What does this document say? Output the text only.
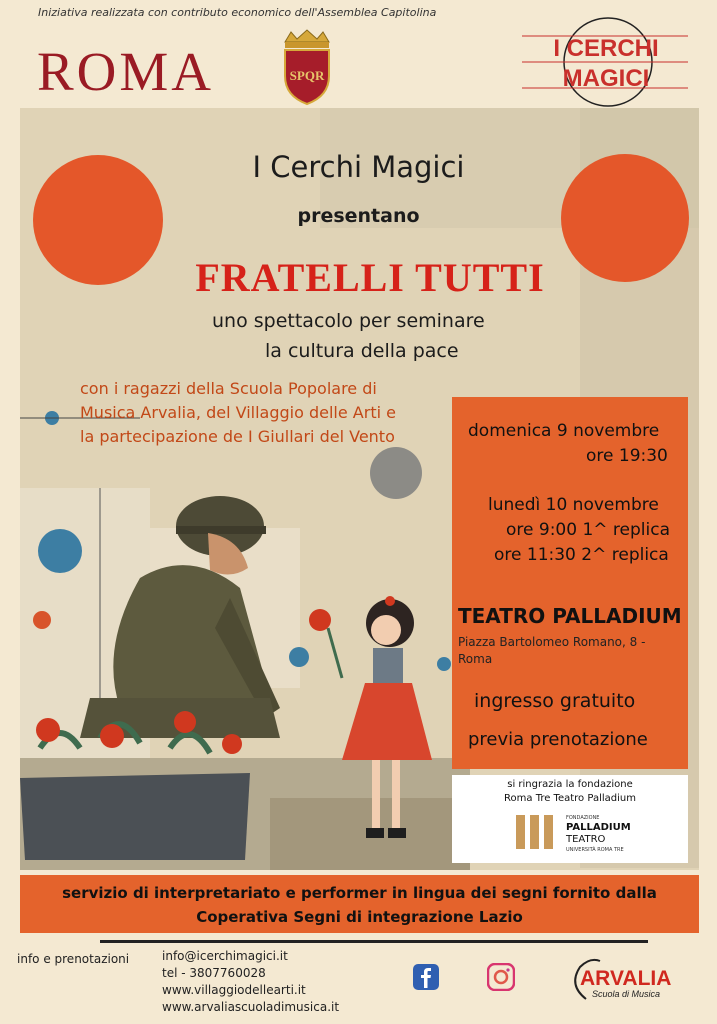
Iniziativa realizzata con contributo economico dell'Assemblea Capitolina
ROMA	SPQR
I CERCHI
MAGICI
I Cerchi Magici
presentano
FRATELLI TUTTI
uno spettacolo per seminare
la cultura della pace
con i ragazzi della Scuola Popolare di
Musica Arvalia, del Villaggio delle Arti e
la partecipazione de I Giullari del Vento	domenica 9 novembre
ore 19:30
lunedì 10 novembre
ore 9:00 1^ replica
ore 11:30 2^ replica
TEATRO PALLADIUM
Piazza Bartolomeo Romano, 8 -
Roma
ingresso gratuito
previa prenotazione
si ringrazia la fondazione
Roma Tre Teatro Palladium
FONDAZIONE
PALLADIUM
TEATRO
UNIVERSITÀ ROMA TRE
servizio di interpretariato e performer in lingua dei segni fornito dalla
Coperativa Segni di integrazione Lazio
info e prenotazioni	info@icerchimagici.it
tel - 3807760028
www.villaggiodellearti.it
www.arvaliascuoladimusica.it
ARVALIA
Scuola di Musica
